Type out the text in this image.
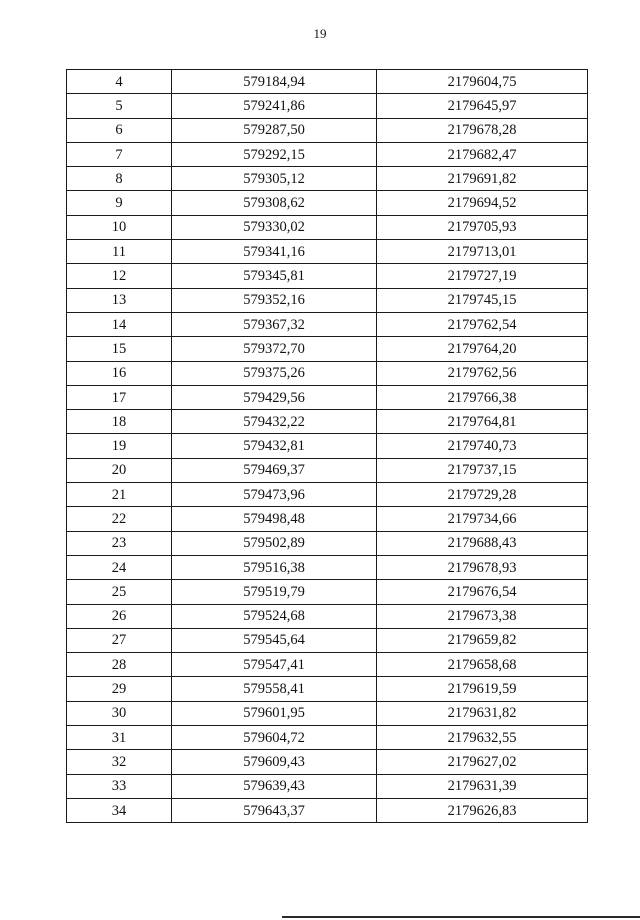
19
4	579184,94	2179604,75
5	579241,86	2179645,97
6	579287,50	2179678,28
7	579292,15	2179682,47
8	579305,12	2179691,82
9	579308,62	2179694,52
10	579330,02	2179705,93
11	579341,16	2179713,01
12	579345,81	2179727,19
13	579352,16	2179745,15
14	579367,32	2179762,54
15	579372,70	2179764,20
16	579375,26	2179762,56
17	579429,56	2179766,38
18	579432,22	2179764,81
19	579432,81	2179740,73
20	579469,37	2179737,15
21	579473,96	2179729,28
22	579498,48	2179734,66
23	579502,89	2179688,43
24	579516,38	2179678,93
25	579519,79	2179676,54
26	579524,68	2179673,38
27	579545,64	2179659,82
28	579547,41	2179658,68
29	579558,41	2179619,59
30	579601,95	2179631,82
31	579604,72	2179632,55
32	579609,43	2179627,02
33	579639,43	2179631,39
34	579643,37	2179626,83
